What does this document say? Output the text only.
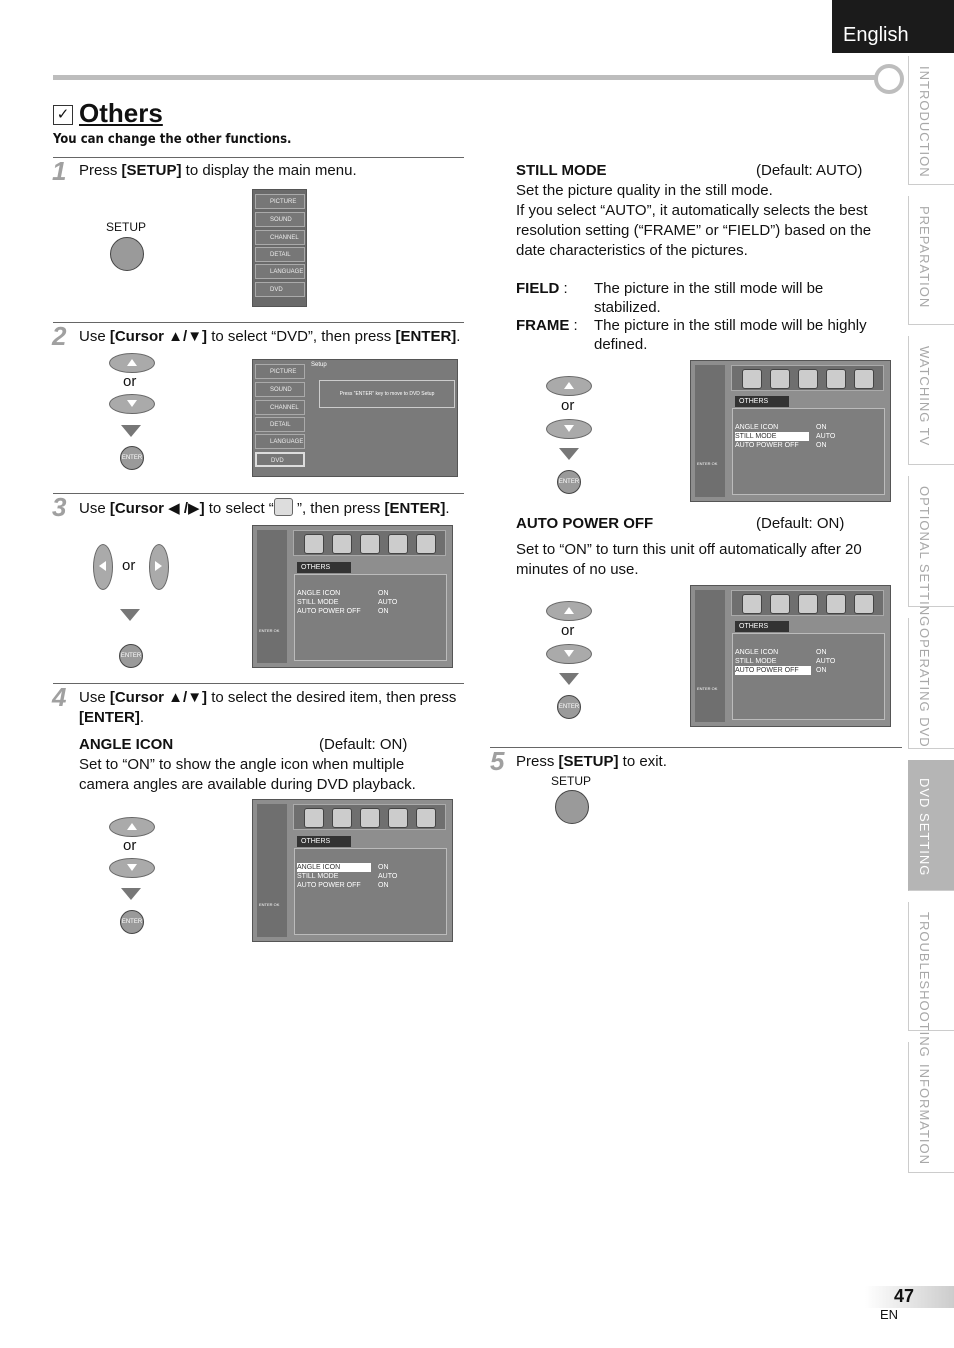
English
INTRODUCTION
PREPARATION
WATCHING TV
OPTIONAL SETTING
OPERATING DVD
DVD SETTING
TROUBLESHOOTING
INFORMATION
✓ Others
You can change the other functions.
1 Press [SETUP] to display the main menu.
SETUP
PICTURE
SOUND
CHANNEL
DETAIL
LANGUAGE
DVD
2 Use [Cursor ▲/▼] to select “DVD”, then press [ENTER].
or
ENTER
PICTURE
SOUND
CHANNEL
DETAIL
LANGUAGE
DVD
Setup
Press “ENTER” key to move to DVD Setup
3 Use [Cursor ◀ /▶] to select “ ”, then press [ENTER].
or
ENTER
ENTER OK
OTHERS
ANGLE ICON	ON
STILL MODE	AUTO
AUTO POWER OFF ON
4 Use [Cursor ▲/▼] to select the desired item, then press [ENTER].
ANGLE ICON	(Default: ON)
Set to “ON” to show the angle icon when multiple
camera angles are available during DVD playback.
or
ENTER
ENTER OK
OTHERS
ANGLE ICON	ON
STILL MODE	AUTO
AUTO POWER OFF ON
STILL MODE	(Default: AUTO)
Set the picture quality in the still mode.
If you select “AUTO”, it automatically selects the best
resolution setting (“FRAME” or “FIELD”) based on the
date characteristics of the pictures.
FIELD : The picture in the still mode will be
stabilized.
FRAME : The picture in the still mode will be highly
defined.
or
ENTER
ENTER OK
OTHERS
ANGLE ICON	ON
STILL MODE	AUTO
AUTO POWER OFF ON
AUTO POWER OFF	(Default: ON)
Set to “ON” to turn this unit off automatically after 20
minutes of no use.
or
ENTER
ENTER OK
OTHERS
ANGLE ICON	ON
STILL MODE	AUTO
AUTO POWER OFF	ON
5 Press [SETUP] to exit.
SETUP
47
EN
